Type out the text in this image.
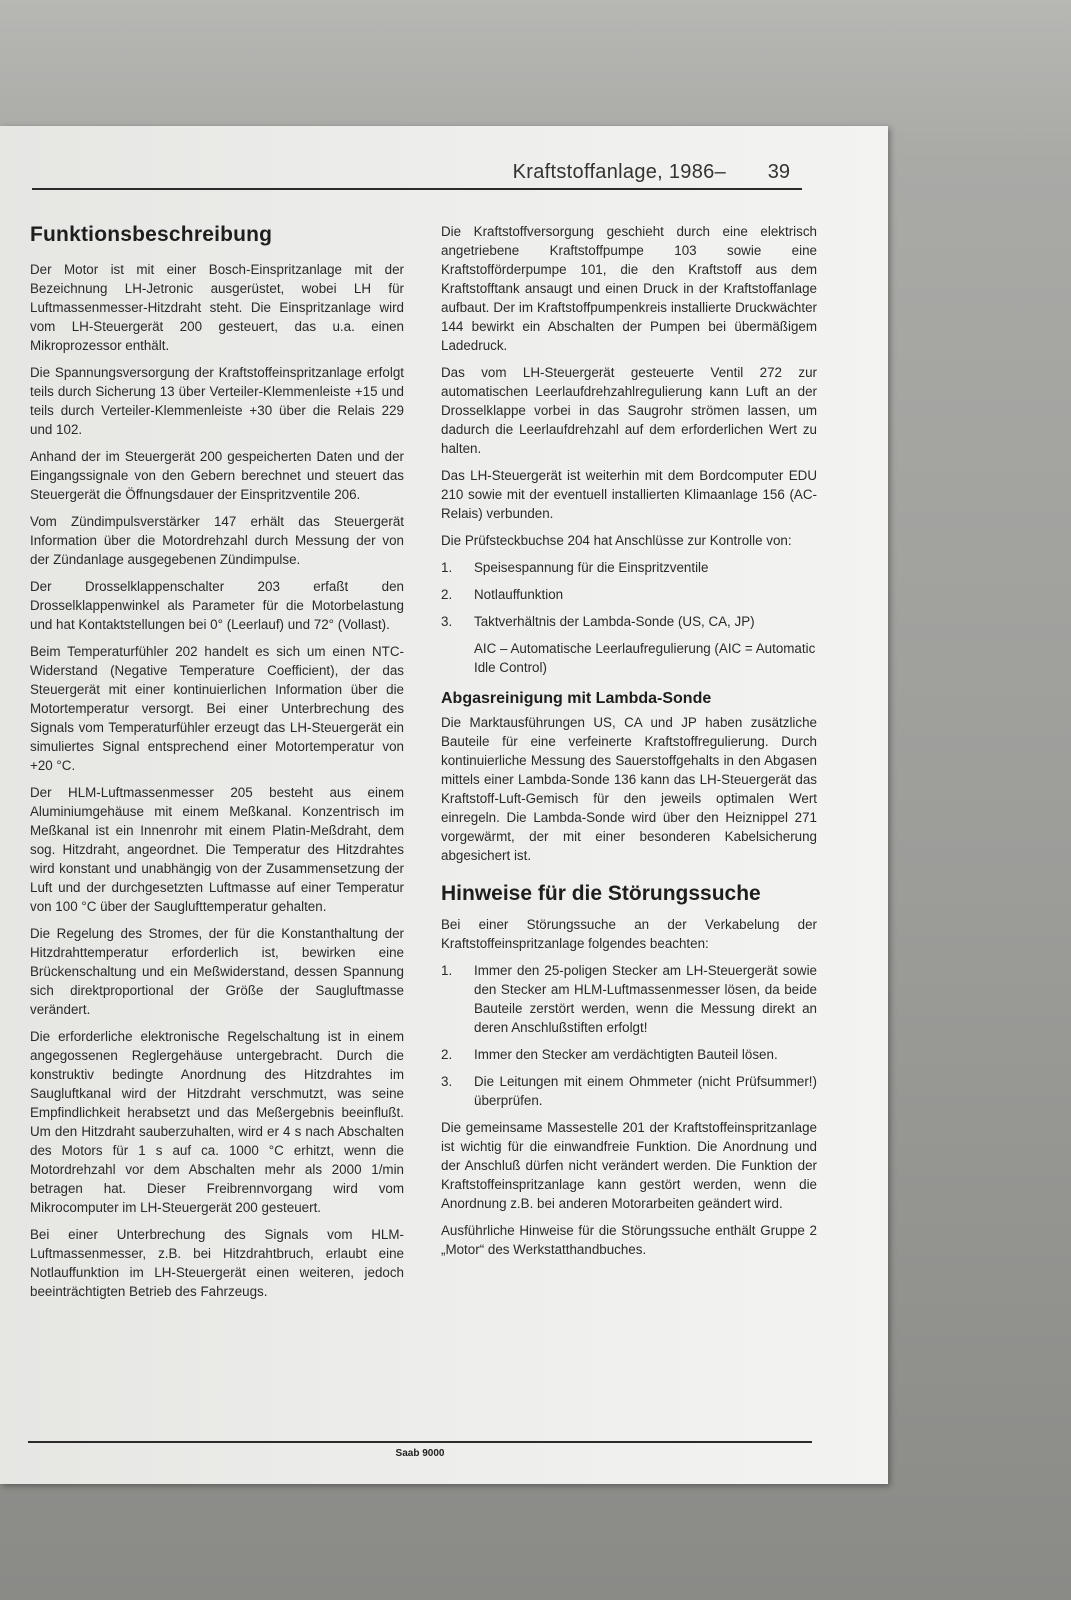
Kraftstoffanlage, 1986– 39
Funktionsbeschreibung

Der Motor ist mit einer Bosch-Einspritzanlage mit der Bezeichnung LH-Jetronic ausgerüstet, wobei LH für Luftmassenmesser-Hitzdraht steht. Die Einspritzanlage wird vom LH-Steuergerät 200 gesteuert, das u.a. einen Mikroprozessor enthält.

Die Spannungsversorgung der Kraftstoffeinspritzanlage erfolgt teils durch Sicherung 13 über Verteiler-Klemmenleiste +15 und teils durch Verteiler-Klemmenleiste +30 über die Relais 229 und 102.

Anhand der im Steuergerät 200 gespeicherten Daten und der Eingangssignale von den Gebern berechnet und steuert das Steuergerät die Öffnungsdauer der Einspritzventile 206.

Vom Zündimpulsverstärker 147 erhält das Steuergerät Information über die Motordrehzahl durch Messung der von der Zündanlage ausgegebenen Zündimpulse.

Der Drosselklappenschalter 203 erfaßt den Drosselklappenwinkel als Parameter für die Motorbelastung und hat Kontaktstellungen bei 0° (Leerlauf) und 72° (Vollast).

Beim Temperaturfühler 202 handelt es sich um einen NTC-Widerstand (Negative Temperature Coefficient), der das Steuergerät mit einer kontinuierlichen Information über die Motortemperatur versorgt. Bei einer Unterbrechung des Signals vom Temperaturfühler erzeugt das LH-Steuergerät ein simuliertes Signal entsprechend einer Motortemperatur von +20 °C.

Der HLM-Luftmassenmesser 205 besteht aus einem Aluminiumgehäuse mit einem Meßkanal. Konzentrisch im Meßkanal ist ein Innenrohr mit einem Platin-Meßdraht, dem sog. Hitzdraht, angeordnet. Die Temperatur des Hitzdrahtes wird konstant und unabhängig von der Zusammensetzung der Luft und der durchgesetzten Luftmasse auf einer Temperatur von 100 °C über der Sauglufttemperatur gehalten.

Die Regelung des Stromes, der für die Konstanthaltung der Hitzdrahttemperatur erforderlich ist, bewirken eine Brückenschaltung und ein Meßwiderstand, dessen Spannung sich direktproportional der Größe der Saugluftmasse verändert.

Die erforderliche elektronische Regelschaltung ist in einem angegossenen Reglergehäuse untergebracht. Durch die konstruktiv bedingte Anordnung des Hitzdrahtes im Saugluftkanal wird der Hitzdraht verschmutzt, was seine Empfindlichkeit herabsetzt und das Meßergebnis beeinflußt. Um den Hitzdraht sauberzuhalten, wird er 4 s nach Abschalten des Motors für 1 s auf ca. 1000 °C erhitzt, wenn die Motordrehzahl vor dem Abschalten mehr als 2000 1/min betragen hat. Dieser Freibrennvorgang wird vom Mikrocomputer im LH-Steuergerät 200 gesteuert.

Bei einer Unterbrechung des Signals vom HLM-Luftmassenmesser, z.B. bei Hitzdrahtbruch, erlaubt eine Notlauffunktion im LH-Steuergerät einen weiteren, jedoch beeinträchtigten Betrieb des Fahrzeugs.

Die Kraftstoffversorgung geschieht durch eine elektrisch angetriebene Kraftstoffpumpe 103 sowie eine Kraftstofförderpumpe 101, die den Kraftstoff aus dem Kraftstofftank ansaugt und einen Druck in der Kraftstoffanlage aufbaut. Der im Kraftstoffpumpenkreis installierte Druckwächter 144 bewirkt ein Abschalten der Pumpen bei übermäßigem Ladedruck.

Das vom LH-Steuergerät gesteuerte Ventil 272 zur automatischen Leerlaufdrehzahlregulierung kann Luft an der Drosselklappe vorbei in das Saugrohr strömen lassen, um dadurch die Leerlaufdrehzahl auf dem erforderlichen Wert zu halten.

Das LH-Steuergerät ist weiterhin mit dem Bordcomputer EDU 210 sowie mit der eventuell installierten Klimaanlage 156 (AC-Relais) verbunden.

Die Prüfsteckbuchse 204 hat Anschlüsse zur Kontrolle von:

1.	Speisespannung für die Einspritzventile
2.	Notlauffunktion
3.	Taktverhältnis der Lambda-Sonde (US, CA, JP)

AIC – Automatische Leerlaufregulierung (AIC = Automatic Idle Control)

Abgasreinigung mit Lambda-Sonde

Die Marktausführungen US, CA und JP haben zusätzliche Bauteile für eine verfeinerte Kraftstoffregulierung. Durch kontinuierliche Messung des Sauerstoffgehalts in den Abgasen mittels einer Lambda-Sonde 136 kann das LH-Steuergerät das Kraftstoff-Luft-Gemisch für den jeweils optimalen Wert einregeln. Die Lambda-Sonde wird über den Heiznippel 271 vorgewärmt, der mit einer besonderen Kabelsicherung abgesichert ist.

Hinweise für die Störungssuche

Bei einer Störungssuche an der Verkabelung der Kraftstoffeinspritzanlage folgendes beachten:

1.	Immer den 25-poligen Stecker am LH-Steuergerät sowie den Stecker am HLM-Luftmassenmesser lösen, da beide Bauteile zerstört werden, wenn die Messung direkt an deren Anschlußstiften erfolgt!
2.	Immer den Stecker am verdächtigten Bauteil lösen.
3.	Die Leitungen mit einem Ohmmeter (nicht Prüfsummer!) überprüfen.

Die gemeinsame Massestelle 201 der Kraftstoffeinspritzanlage ist wichtig für die einwandfreie Funktion. Die Anordnung und der Anschluß dürfen nicht verändert werden. Die Funktion der Kraftstoffeinspritzanlage kann gestört werden, wenn die Anordnung z.B. bei anderen Motorarbeiten geändert wird.

Ausführliche Hinweise für die Störungssuche enthält Gruppe 2 „Motor“ des Werkstatthandbuches.

Saab 9000
